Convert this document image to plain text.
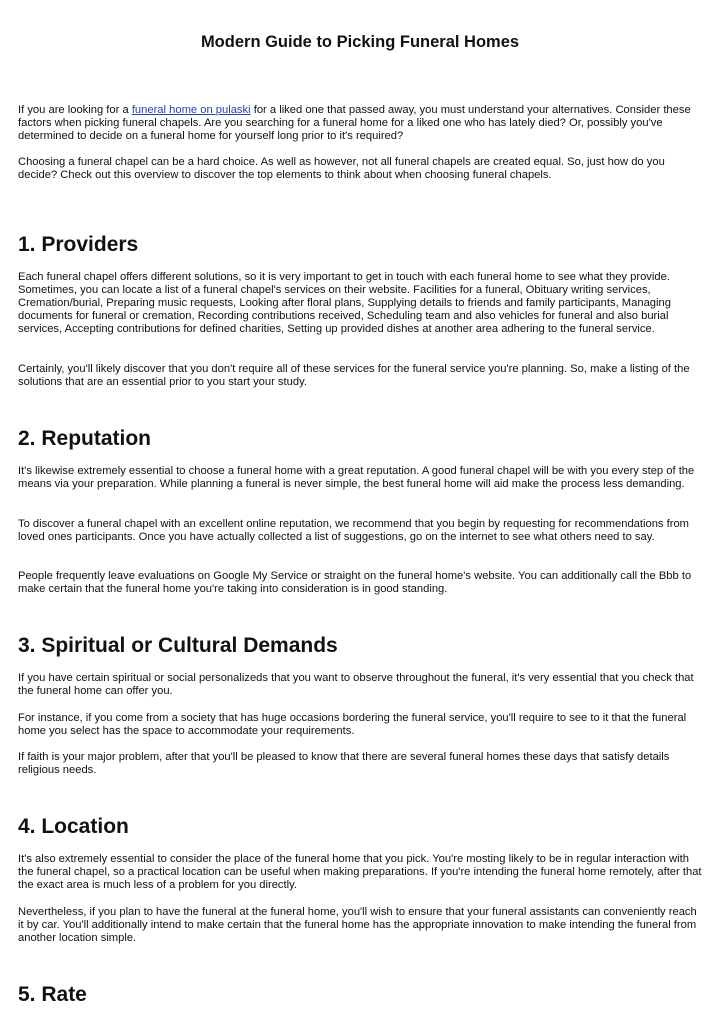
Modern Guide to Picking Funeral Homes

If you are looking for a funeral home on pulaski for a liked one that passed away, you must understand your alternatives. Consider these factors when picking funeral chapels. Are you searching for a funeral home for a liked one who has lately died? Or, possibly you've determined to decide on a funeral home for yourself long prior to it's required?

Choosing a funeral chapel can be a hard choice. As well as however, not all funeral chapels are created equal. So, just how do you decide? Check out this overview to discover the top elements to think about when choosing funeral chapels.

1. Providers

Each funeral chapel offers different solutions, so it is very important to get in touch with each funeral home to see what they provide. Sometimes, you can locate a list of a funeral chapel's services on their website. Facilities for a funeral, Obituary writing services, Cremation/burial, Preparing music requests, Looking after floral plans, Supplying details to friends and family participants, Managing documents for funeral or cremation, Recording contributions received, Scheduling team and also vehicles for funeral and also burial services, Accepting contributions for defined charities, Setting up provided dishes at another area adhering to the funeral service.

Certainly, you'll likely discover that you don't require all of these services for the funeral service you're planning. So, make a listing of the solutions that are an essential prior to you start your study.

2. Reputation

It's likewise extremely essential to choose a funeral home with a great reputation. A good funeral chapel will be with you every step of the means via your preparation. While planning a funeral is never simple, the best funeral home will aid make the process less demanding.

To discover a funeral chapel with an excellent online reputation, we recommend that you begin by requesting for recommendations from loved ones participants. Once you have actually collected a list of suggestions, go on the internet to see what others need to say.

People frequently leave evaluations on Google My Service or straight on the funeral home's website. You can additionally call the Bbb to make certain that the funeral home you're taking into consideration is in good standing.

3. Spiritual or Cultural Demands

If you have certain spiritual or social personalizeds that you want to observe throughout the funeral, it's very essential that you check that the funeral home can offer you.

For instance, if you come from a society that has huge occasions bordering the funeral service, you'll require to see to it that the funeral home you select has the space to accommodate your requirements.

If faith is your major problem, after that you'll be pleased to know that there are several funeral homes these days that satisfy details religious needs.

4. Location

It's also extremely essential to consider the place of the funeral home that you pick. You're mosting likely to be in regular interaction with the funeral chapel, so a practical location can be useful when making preparations. If you're intending the funeral home remotely, after that the exact area is much less of a problem for you directly.

Nevertheless, if you plan to have the funeral at the funeral home, you'll wish to ensure that your funeral assistants can conveniently reach it by car. You'll additionally intend to make certain that the funeral home has the appropriate innovation to make intending the funeral from another location simple.

5. Rate
